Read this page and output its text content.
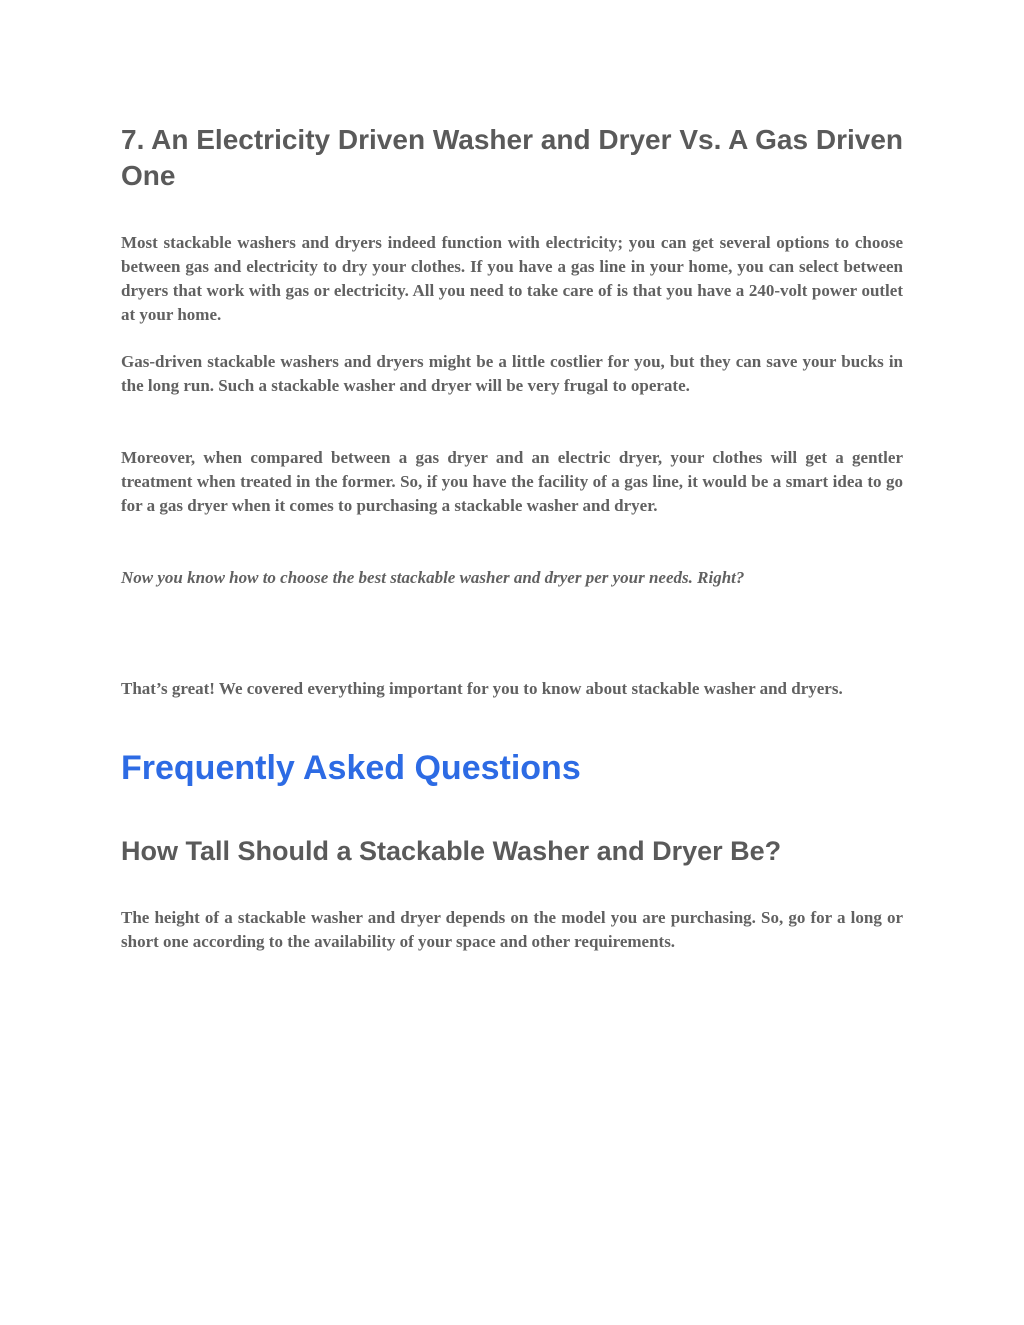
7. An Electricity Driven Washer and Dryer Vs. A Gas Driven One

Most stackable washers and dryers indeed function with electricity; you can get several options to choose between gas and electricity to dry your clothes. If you have a gas line in your home, you can select between dryers that work with gas or electricity. All you need to take care of is that you have a 240-volt power outlet at your home.

Gas-driven stackable washers and dryers might be a little costlier for you, but they can save your bucks in the long run. Such a stackable washer and dryer will be very frugal to operate.

Moreover, when compared between a gas dryer and an electric dryer, your clothes will get a gentler treatment when treated in the former. So, if you have the facility of a gas line, it would be a smart idea to go for a gas dryer when it comes to purchasing a stackable washer and dryer.

Now you know how to choose the best stackable washer and dryer per your needs. Right?

That’s great! We covered everything important for you to know about stackable washer and dryers.

Frequently Asked Questions
How Tall Should a Stackable Washer and Dryer Be?

The height of a stackable washer and dryer depends on the model you are purchasing. So, go for a long or short one according to the availability of your space and other requirements.
